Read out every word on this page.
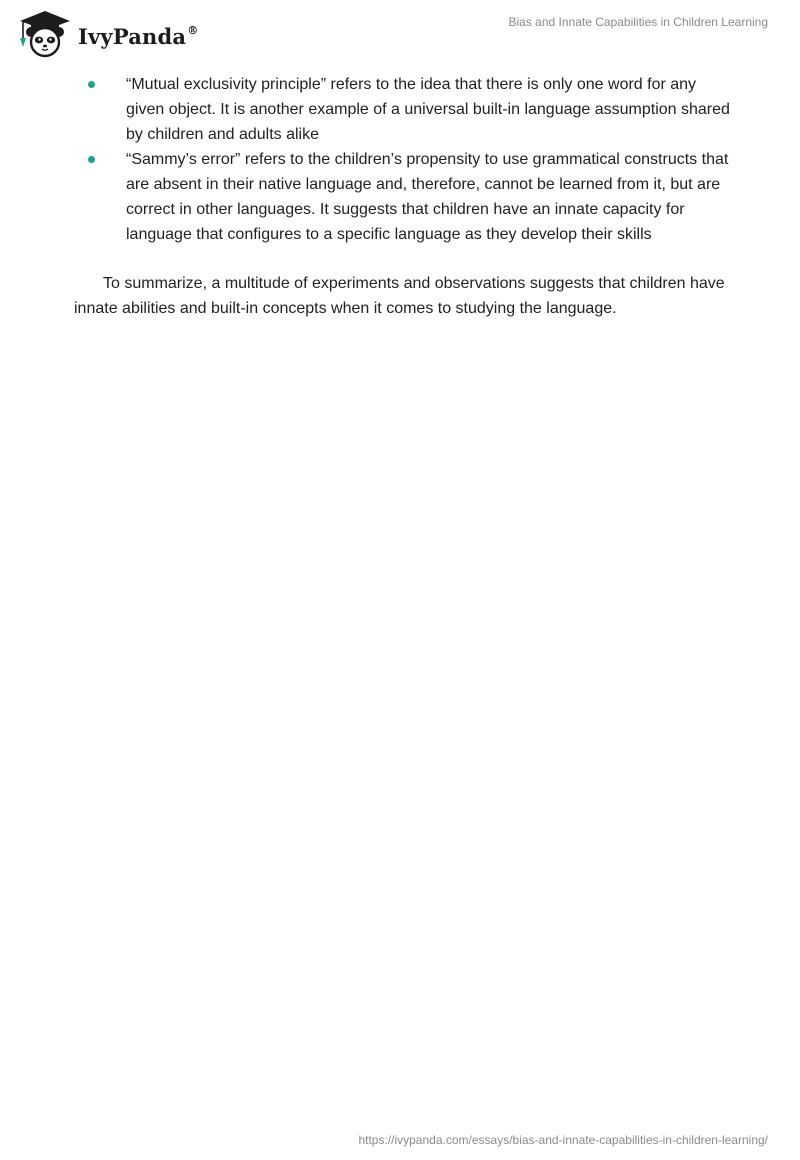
IvyPanda®
Bias and Innate Capabilities in Children Learning
“Mutual exclusivity principle” refers to the idea that there is only one word for any given object. It is another example of a universal built-in language assumption shared by children and adults alike
“Sammy’s error” refers to the children’s propensity to use grammatical constructs that are absent in their native language and, therefore, cannot be learned from it, but are correct in other languages. It suggests that children have an innate capacity for language that configures to a specific language as they develop their skills

To summarize, a multitude of experiments and observations suggests that children have innate abilities and built-in concepts when it comes to studying the language.

https://ivypanda.com/essays/bias-and-innate-capabilities-in-children-learning/
